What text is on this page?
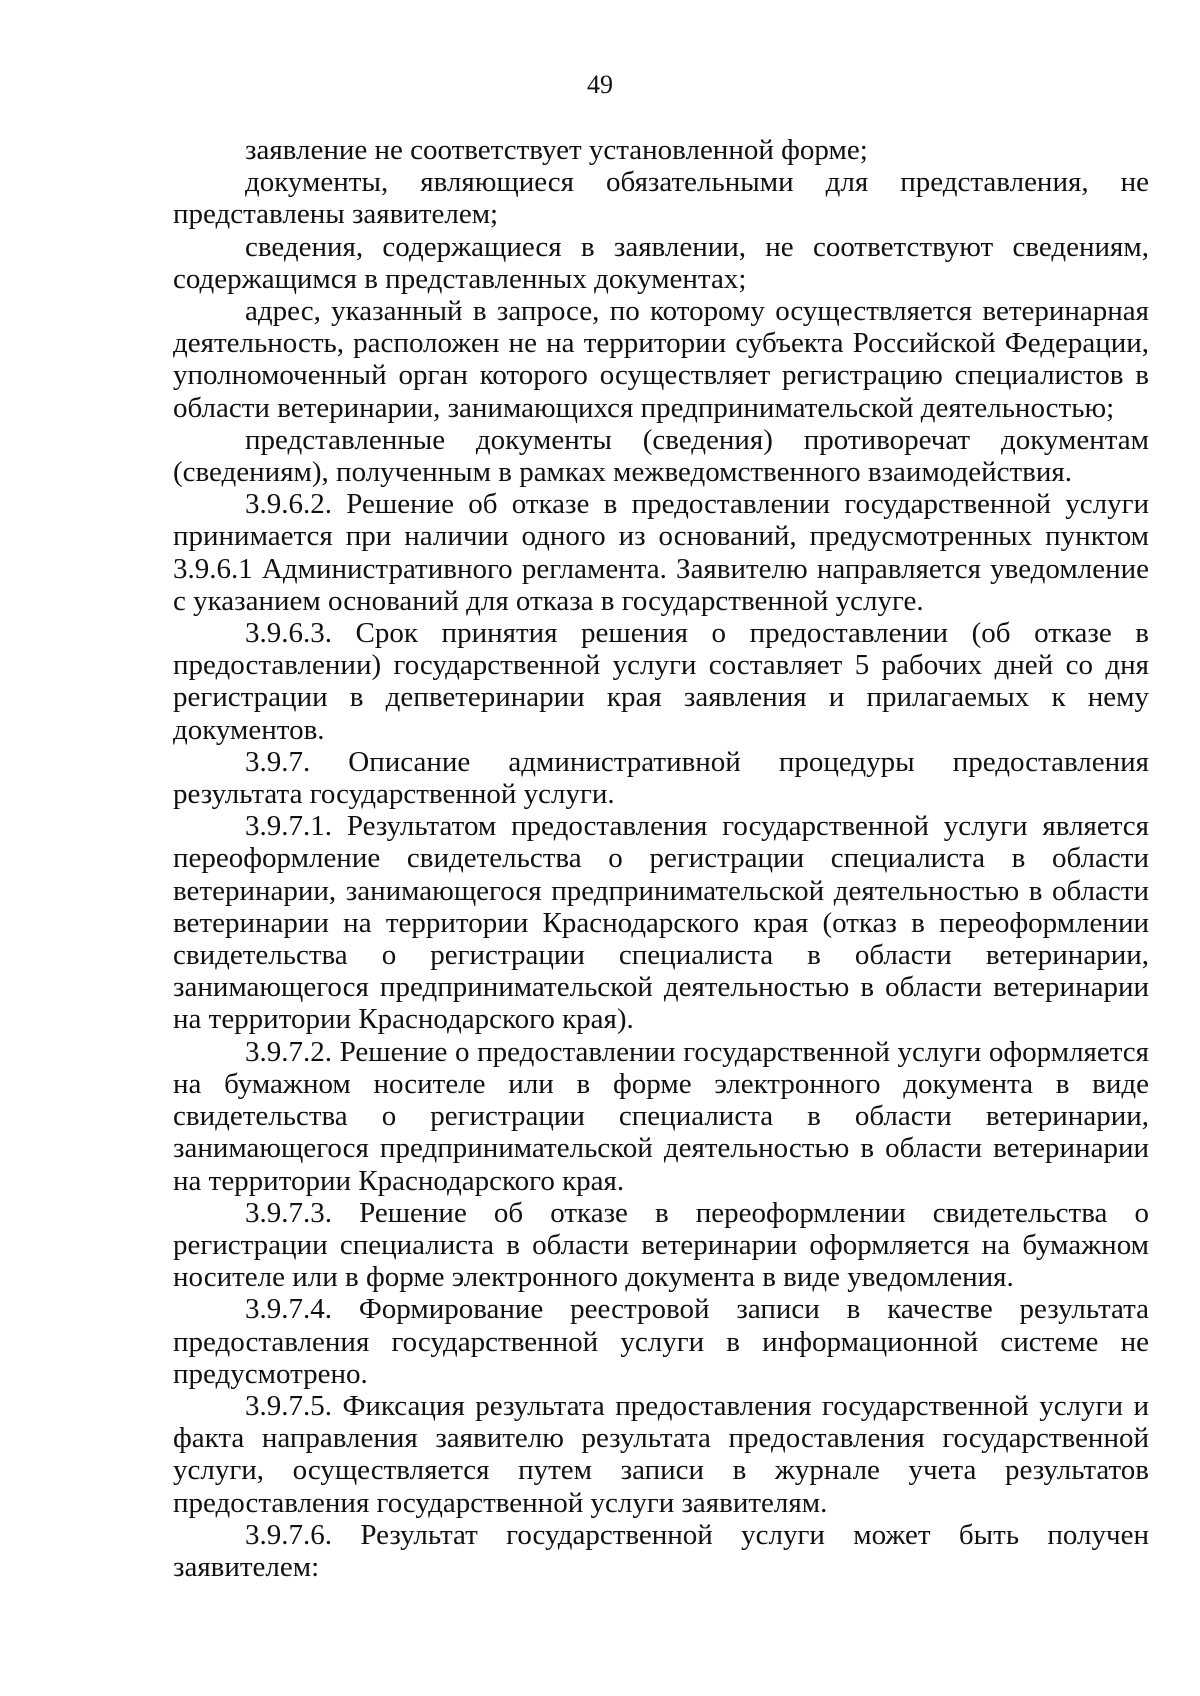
49

заявление не соответствует установленной форме;

документы, являющиеся обязательными для представления, не представлены заявителем;

сведения, содержащиеся в заявлении, не соответствуют сведениям, содержащимся в представленных документах;

адрес, указанный в запросе, по которому осуществляется ветеринарная деятельность, расположен не на территории субъекта Российской Федерации, уполномоченный орган которого осуществляет регистрацию специалистов в области ветеринарии, занимающихся предпринимательской деятельностью;

представленные документы (сведения) противоречат документам (сведениям), полученным в рамках межведомственного взаимодействия.

3.9.6.2. Решение об отказе в предоставлении государственной услуги принимается при наличии одного из оснований, предусмотренных пунктом 3.9.6.1 Административного регламента. Заявителю направляется уведомление с указанием оснований для отказа в государственной услуге.

3.9.6.3. Срок принятия решения о предоставлении (об отказе в предоставлении) государственной услуги составляет 5 рабочих дней со дня регистрации в депветеринарии края заявления и прилагаемых к нему документов.

3.9.7. Описание административной процедуры предоставления результата государственной услуги.

3.9.7.1. Результатом предоставления государственной услуги является переоформление свидетельства о регистрации специалиста в области ветеринарии, занимающегося предпринимательской деятельностью в области ветеринарии на территории Краснодарского края (отказ в переоформлении свидетельства о регистрации специалиста в области ветеринарии, занимающегося предпринимательской деятельностью в области ветеринарии на территории Краснодарского края).

3.9.7.2. Решение о предоставлении государственной услуги оформляется на бумажном носителе или в форме электронного документа в виде свидетельства о регистрации специалиста в области ветеринарии, занимающегося предпринимательской деятельностью в области ветеринарии на территории Краснодарского края.

3.9.7.3. Решение об отказе в переоформлении свидетельства о регистрации специалиста в области ветеринарии оформляется на бумажном носителе или в форме электронного документа в виде уведомления.

3.9.7.4. Формирование реестровой записи в качестве результата предоставления государственной услуги в информационной системе не предусмотрено.

3.9.7.5. Фиксация результата предоставления государственной услуги и факта направления заявителю результата предоставления государственной услуги, осуществляется путем записи в журнале учета результатов предоставления государственной услуги заявителям.

3.9.7.6. Результат государственной услуги может быть получен заявителем:
